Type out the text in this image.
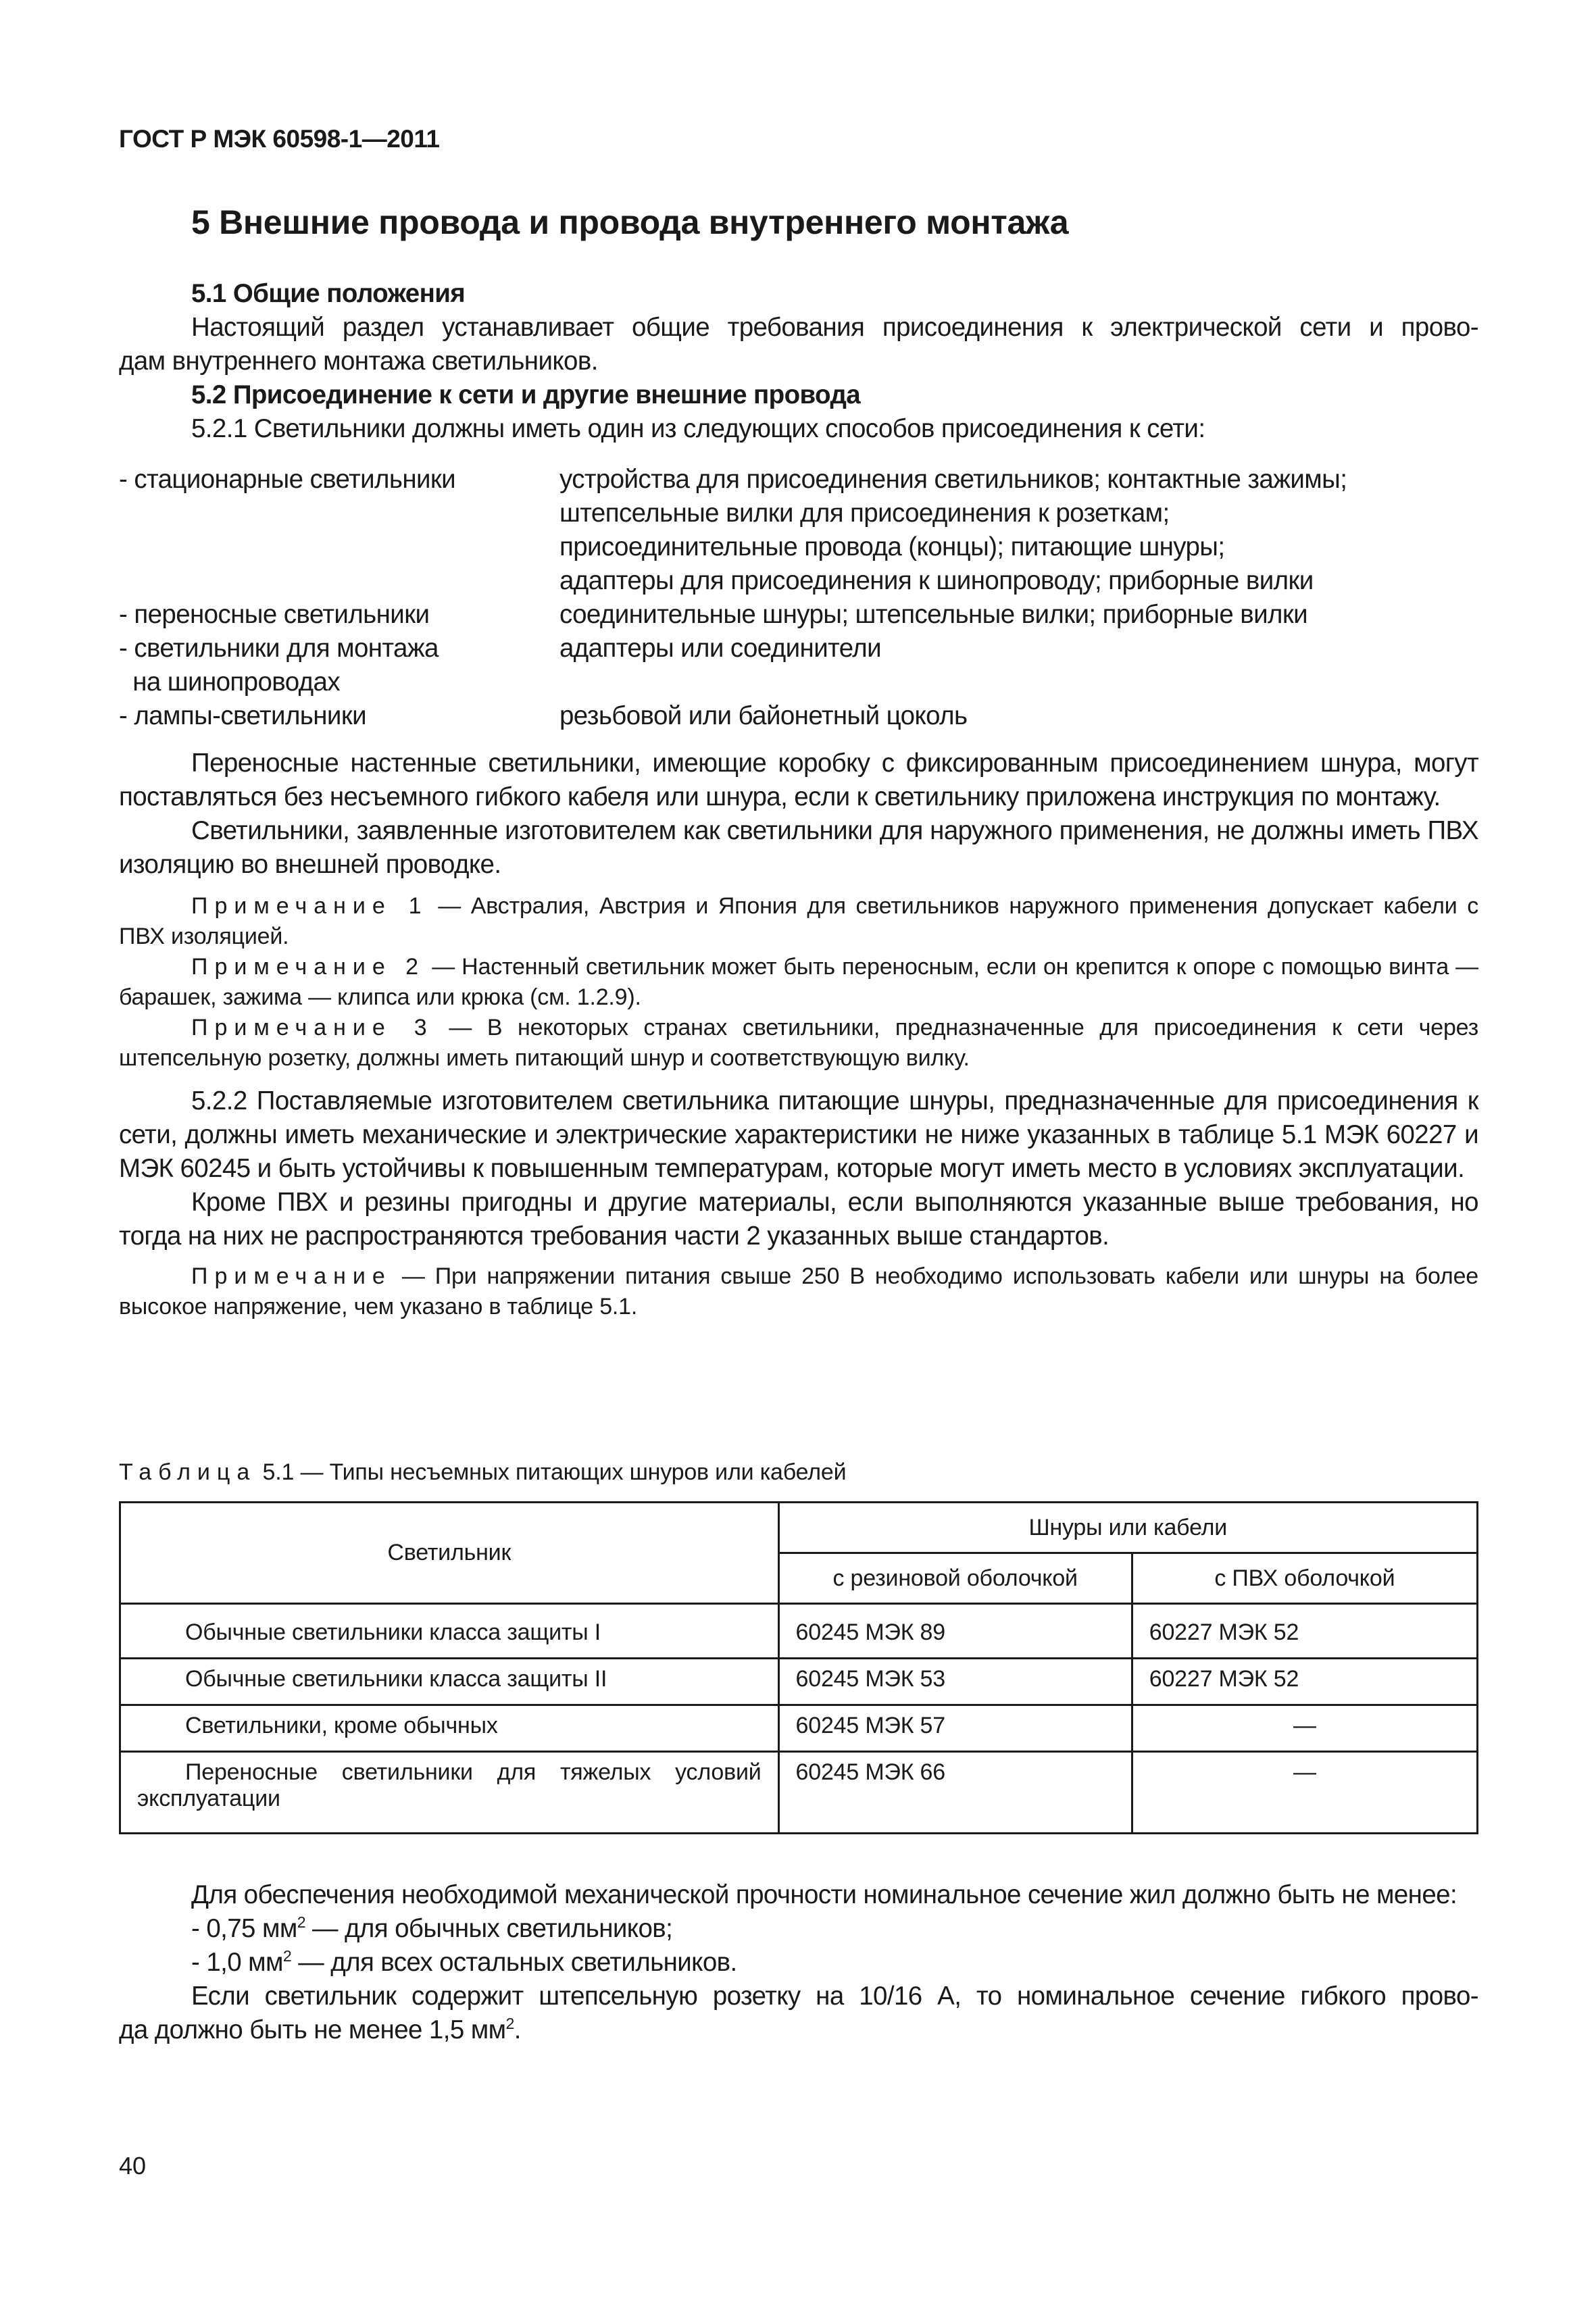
ГОСТ Р МЭК 60598-1—2011
5 Внешние провода и провода внутреннего монтажа

5.1 Общие положения

Настоящий раздел устанавливает общие требования присоединения к электрической сети и прово-

дам внутреннего монтажа светильников.

5.2 Присоединение к сети и другие внешние провода

5.2.1 Светильники должны иметь один из следующих способов присоединения к сети:

- стационарные светильники	устройства для присоединения светильников; контактные зажимы;
штепсельные вилки для присоединения к розеткам;
присоединительные провода (концы); питающие шнуры;
адаптеры для присоединения к шинопроводу; приборные вилки
- переносные светильники	соединительные шнуры; штепсельные вилки; приборные вилки
- светильники для монтажа	адаптеры или соединители
на шинопроводах
- лампы-светильники	резьбовой или байонетный цоколь

Переносные настенные светильники, имеющие коробку с фиксированным присоединением шнура, могут поставляться без несъемного гибкого кабеля или шнура, если к светильнику приложена инструкция по монтажу.

Светильники, заявленные изготовителем как светильники для наружного применения, не должны иметь ПВХ изоляцию во внешней проводке.

Примечание 1 — Австралия, Австрия и Япония для светильников наружного применения допускает кабели с ПВХ изоляцией.

Примечание 2 — Настенный светильник может быть переносным, если он крепится к опоре с помощью винта — барашек, зажима — клипса или крюка (см. 1.2.9).

Примечание 3 — В некоторых странах светильники, предназначенные для присоединения к сети через штепсельную розетку, должны иметь питающий шнур и соответствующую вилку.

5.2.2 Поставляемые изготовителем светильника питающие шнуры, предназначенные для присоединения к сети, должны иметь механические и электрические характеристики не ниже указанных в таблице 5.1 МЭК 60227 и МЭК 60245 и быть устойчивы к повышенным температурам, которые могут иметь место в условиях эксплуатации.

Кроме ПВХ и резины пригодны и другие материалы, если выполняются указанные выше требования, но тогда на них не распространяются требования части 2 указанных выше стандартов.

Примечание — При напряжении питания свыше 250 В необходимо использовать кабели или шнуры на более высокое напряжение, чем указано в таблице 5.1.

Таблица 5.1 — Типы несъемных питающих шнуров или кабелей
Светильник	Шнуры или кабели	
	с резиновой оболочкой	с ПВХ оболочкой
Обычные светильники класса защиты I	60245 МЭК 89	60227 МЭК 52
Обычные светильники класса защиты II	60245 МЭК 53	60227 МЭК 52
Светильники, кроме обычных	60245 МЭК 57	—
Переносные светильники для тяжелых условий эксплуатации	60245 МЭК 66	—

Для обеспечения необходимой механической прочности номинальное сечение жил должно быть не менее:

- 0,75 $мм^2$ — для обычных светильников;

- 1,0 $мм^2$ — для всех остальных светильников.

Если светильник содержит штепсельную розетку на 10/16 А, то номинальное сечение гибкого прово-

да должно быть не менее 1,5 $мм^2$.

40
